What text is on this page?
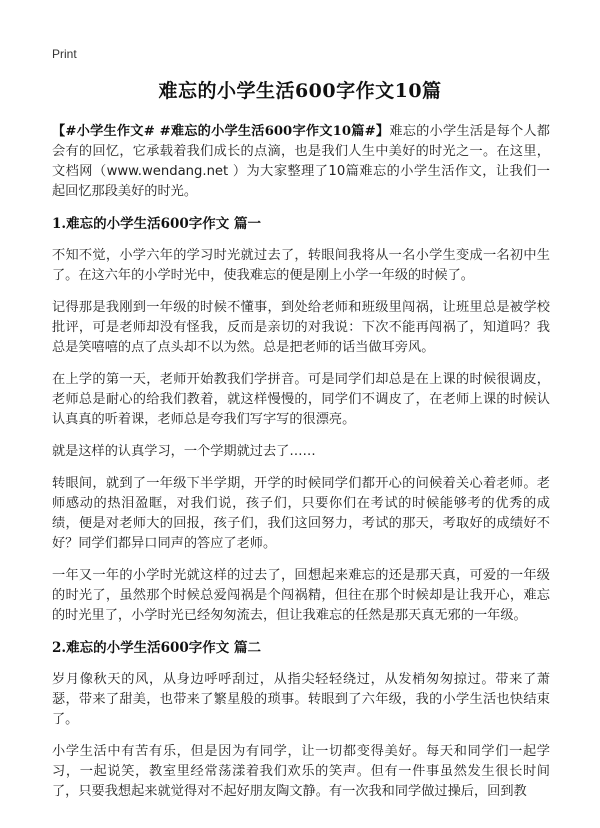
Print
难忘的小学生活600字作文10篇

【#小学生作文# #难忘的小学生活600字作文10篇#】难忘的小学生活是每个人都会有的回忆，它承载着我们成长的点滴，也是我们人生中美好的时光之一。在这里，文档网（www.wendang.net ）为大家整理了10篇难忘的小学生活作文，让我们一起回忆那段美好的时光。

1.难忘的小学生活600字作文 篇一

不知不觉，小学六年的学习时光就过去了，转眼间我将从一名小学生变成一名初中生了。在这六年的小学时光中，使我难忘的便是刚上小学一年级的时候了。

记得那是我刚到一年级的时候不懂事，到处给老师和班级里闯祸，让班里总是被学校批评，可是老师却没有怪我，反而是亲切的对我说：下次不能再闯祸了，知道吗？我总是笑嘻嘻的点了点头却不以为然。总是把老师的话当做耳旁风。

在上学的第一天，老师开始教我们学拼音。可是同学们却总是在上课的时候很调皮，老师总是耐心的给我们教着，就这样慢慢的，同学们不调皮了，在老师上课的时候认认真真的听着课，老师总是夸我们写字写的很漂亮。

就是这样的认真学习，一个学期就过去了……

转眼间，就到了一年级下半学期，开学的时候同学们都开心的问候着关心着老师。老师感动的热泪盈眶，对我们说，孩子们，只要你们在考试的时候能够考的优秀的成绩，便是对老师大的回报，孩子们，我们这回努力，考试的那天，考取好的成绩好不好？同学们都异口同声的答应了老师。

一年又一年的小学时光就这样的过去了，回想起来难忘的还是那天真，可爱的一年级的时光了，虽然那个时候总爱闯祸是个闯祸精，但往在那个时候却是让我开心，难忘的时光里了，小学时光已经匆匆流去，但让我难忘的任然是那天真无邪的一年级。

2.难忘的小学生活600字作文 篇二

岁月像秋天的风，从身边呼呼刮过，从指尖轻轻绕过，从发梢匆匆掠过。带来了萧瑟，带来了甜美，也带来了繁星般的琐事。转眼到了六年级，我的小学生活也快结束了。

小学生活中有苦有乐，但是因为有同学，让一切都变得美好。每天和同学们一起学习，一起说笑，教室里经常荡漾着我们欢乐的笑声。但有一件事虽然发生很长时间了，只要我想起来就觉得对不起好朋友陶文静。有一次我和同学做过操后，回到教
